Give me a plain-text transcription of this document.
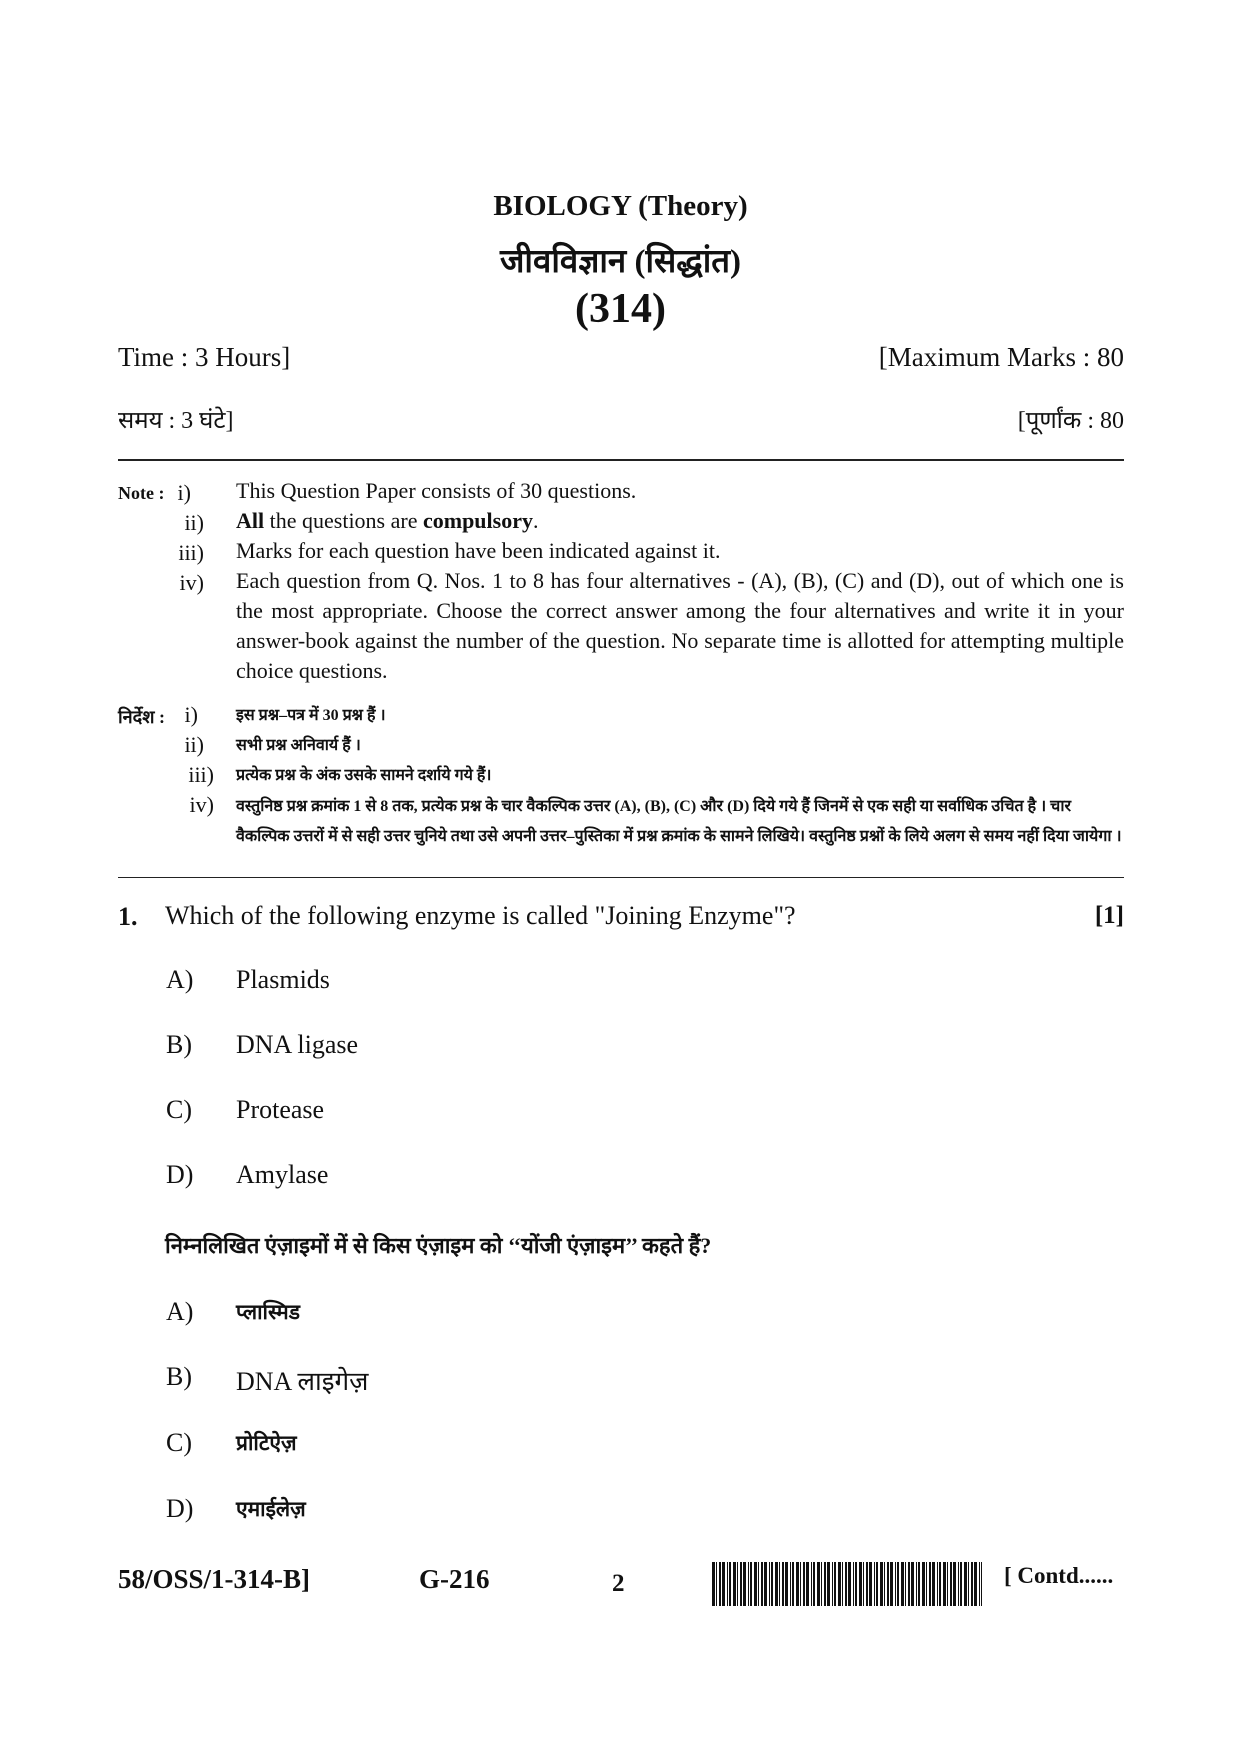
BIOLOGY (Theory)
जीवविज्ञान (सिद्धांत)
(314)
Time : 3 Hours]	[Maximum Marks : 80
समय : 3 घंटे]	[पूर्णांक : 80
Note : i) This Question Paper consists of 30 questions.
ii) All the questions are compulsory.
iii) Marks for each question have been indicated against it.
iv) Each question from Q. Nos. 1 to 8 has four alternatives - (A), (B), (C) and (D), out of which one is the most appropriate. Choose the correct answer among the four alternatives and write it in your answer-book against the number of the question. No separate time is allotted for attempting multiple choice questions.
निर्देश : i) इस प्रश्न–पत्र में 30 प्रश्न हैं ।
ii) सभी प्रश्न अनिवार्य हैं ।
iii) प्रत्येक प्रश्न के अंक उसके सामने दर्शाये गये हैं।
iv) वस्तुनिष्ठ प्रश्न क्रमांक 1 से 8 तक, प्रत्येक प्रश्न के चार वैकल्पिक उत्तर (A), (B), (C) और (D) दिये गये हैं जिनमें से एक सही या सर्वाधिक उचित है । चार वैकल्पिक उत्तरों में से सही उत्तर चुनिये तथा उसे अपनी उत्तर–पुस्तिका में प्रश्न क्रमांक के सामने लिखिये। वस्तुनिष्ठ प्रश्नों के लिये अलग से समय नहीं दिया जायेगा ।
1. Which of the following enzyme is called "Joining Enzyme"?	[1]
A) Plasmids
B) DNA ligase
C) Protease
D) Amylase
निम्नलिखित एंज़ाइमों में से किस एंज़ाइम को ‘‘योंजी एंज़ाइम’’ कहते हैं?
A) प्लास्मिड
B) DNA लाइगेज़
C) प्रोटिऐज़
D) एमाईलेज़
58/OSS/1-314-B]	G-216	2	[ Contd......
